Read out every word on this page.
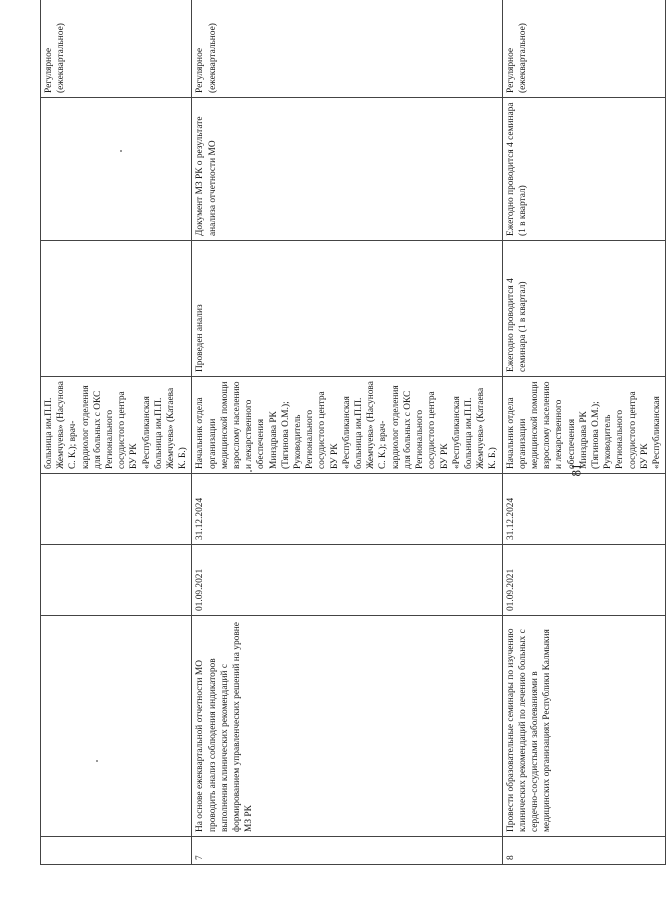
				больница им.П.П. Жемчуева» (Насунова С. К.); врач-кардиолог отделения для больных с ОКС Регионального сосудистого центра БУ РК «Республиканская больница им.П.П. Жемчуева» (Катаева К. Б.)			Регулярное (ежеквартальное)
7	На основе ежеквартальной отчетности МО проводить анализ соблюдения индикаторов выполнения клинических рекомендаций с формированием управленческих решений на уровне МЗ РК	01.09.2021	31.12.2024	Начальник отдела организации медицинской помощи взрослому населению и лекарственного обеспечения Минздрава РК (Тягинова О.М.); Руководитель Регионального сосудистого центра БУ РК «Республиканская больница им.П.П. Жемчуева» (Насунова С. К.); врач-кардиолог отделения для больных с ОКС Регионального сосудистого центра БУ РК «Республиканская больница им.П.П. Жемчуева» (Катаева К. Б.)	Проведен анализ	Документ МЗ РК о результате анализа отчетности МО	Регулярное (ежеквартальное)
8	Провести образовательные семинары по изучению клинических рекомендаций по лечению больных с сердечно-сосудистыми заболеваниями в медицинских организациях Республики Калмыкия	01.09.2021	31.12.2024	Начальник отдела организации медицинской помощи взрослому населению и лекарственного обеспечения Минздрава РК (Тягинова О.М.); Руководитель Регионального сосудистого центра БУ РК «Республиканская	Ежегодно проводится 4 семинара (1 в квартал)	Ежегодно проводится 4 семинара (1 в квартал)	Регулярное (ежеквартальное)
81
